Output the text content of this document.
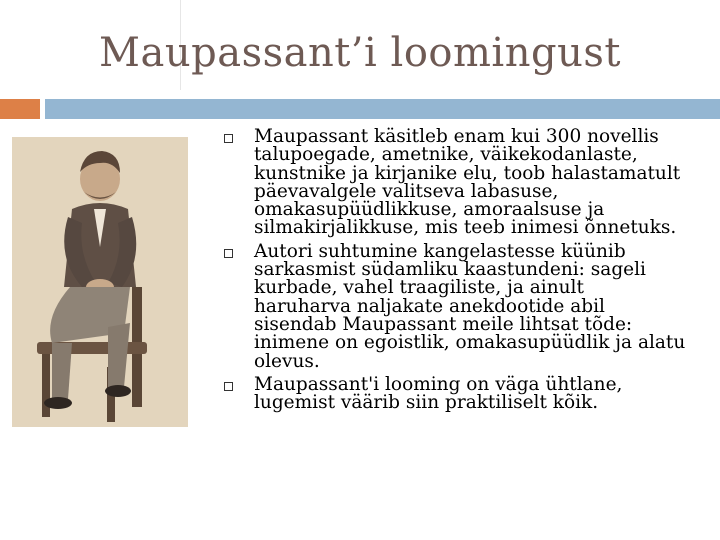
Maupassant’i loomingust
Maupassant käsitleb enam kui 300 novellis talupoegade, ametnike, väikekodanlaste, kunstnike ja kirjanike elu, toob halastamatult päevavalgele valitseva labasuse, omakasupüüdlikkuse, amoraalsuse ja silmakirjalikkuse, mis teeb inimesi õnnetuks.
Autori suhtumine kangelastesse küünib sarkasmist südamliku kaastundeni: sageli kurbade, vahel traagiliste, ja ainult haruharva naljakate anekdootide abil sisendab Maupassant meile lihtsat tõde: inimene on egoistlik, omakasupüüdlik ja alatu olevus.
Maupassant'i looming on väga ühtlane, lugemist väärib siin praktiliselt kõik.
